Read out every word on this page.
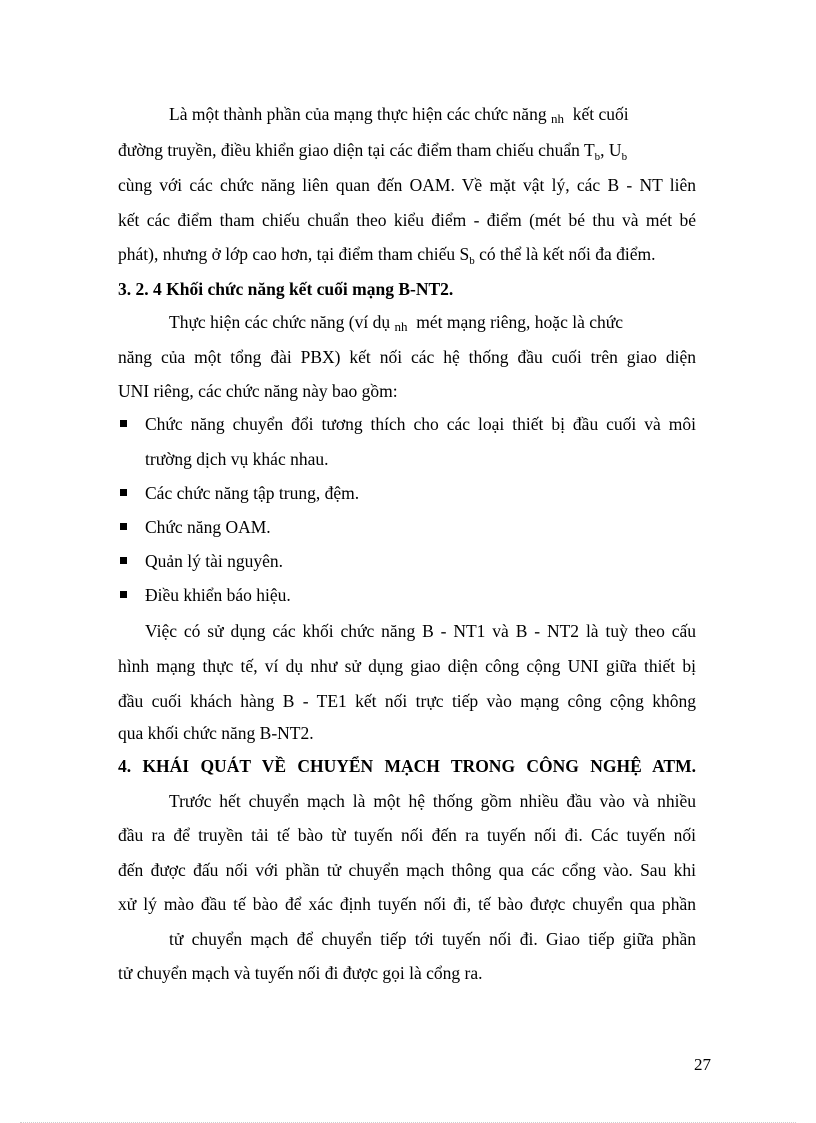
Là một thành phần của mạng thực hiện các chức năng nh kết cuối
đường truyền, điều khiển giao diện tại các điểm tham chiếu chuẩn $T_b$, $U_b$
cùng với các chức năng liên quan đến OAM. Về mặt vật lý, các B - NT liên
kết các điểm tham chiếu chuẩn theo kiểu điểm - điểm (mét bé thu và mét bé
phát), nhưng ở lớp cao hơn, tại điểm tham chiếu $S_b$ có thể là kết nối đa điểm.
3. 2. 4 Khối chức năng kết cuối mạng B-NT2.
Thực hiện các chức năng (ví dụ nh mét mạng riêng, hoặc là chức
năng của một tổng đài PBX) kết nối các hệ thống đầu cuối trên giao diện
UNI riêng, các chức năng này bao gồm:
Chức năng chuyển đổi tương thích cho các loại thiết bị đầu cuối và môi
trường dịch vụ khác nhau.
Các chức năng tập trung, đệm.
Chức năng OAM.
Quản lý tài nguyên.
Điều khiển báo hiệu.
Việc có sử dụng các khối chức năng B - NT1 và B - NT2 là tuỳ theo cấu
hình mạng thực tế, ví dụ như sử dụng giao diện công cộng UNI giữa thiết bị
đầu cuối khách hàng B - TE1 kết nối trực tiếp vào mạng công cộng không
qua khối chức năng B-NT2.
4. KHÁI QUÁT VỀ CHUYỂN MẠCH TRONG CÔNG NGHỆ ATM.
Trước hết chuyển mạch là một hệ thống gồm nhiều đầu vào và nhiều
đầu ra để truyền tải tế bào từ tuyến nối đến ra tuyến nối đi. Các tuyến nối
đến được đấu nối với phần tử chuyển mạch thông qua các cổng vào. Sau khi
xử lý mào đầu tế bào để xác định tuyến nối đi, tế bào được chuyển qua phần
tử chuyển mạch để chuyển tiếp tới tuyến nối đi. Giao tiếp giữa phần
tử chuyển mạch và tuyến nối đi được gọi là cổng ra.
27
